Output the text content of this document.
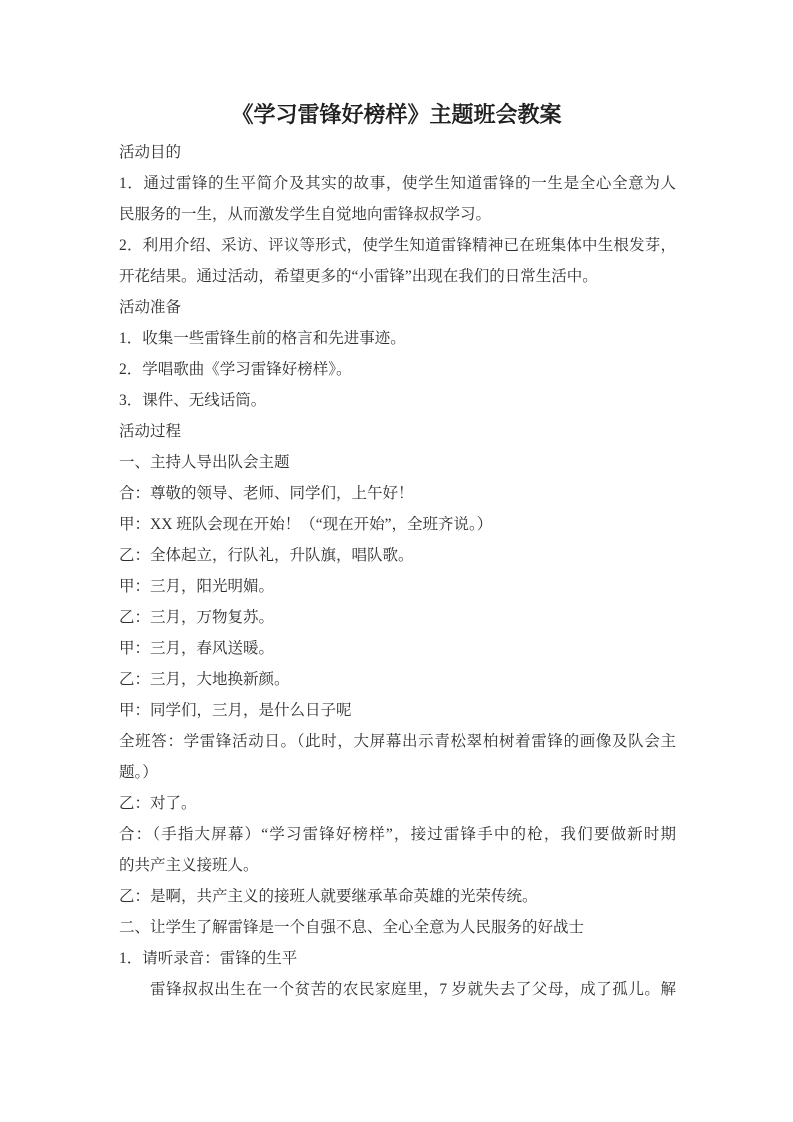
《学习雷锋好榜样》主题班会教案
活动目的
1．通过雷锋的生平简介及其实的故事，使学生知道雷锋的一生是全心全意为人
民服务的一生，从而激发学生自觉地向雷锋叔叔学习。
2．利用介绍、采访、评议等形式，使学生知道雷锋精神已在班集体中生根发芽，
开花结果。通过活动，希望更多的“小雷锋”出现在我们的日常生活中。
活动准备
1．收集一些雷锋生前的格言和先进事迹。
2．学唱歌曲《学习雷锋好榜样》。
3．课件、无线话筒。
活动过程
一、主持人导出队会主题
合：尊敬的领导、老师、同学们，上午好！
甲：XX 班队会现在开始！（“现在开始”，全班齐说。）
乙：全体起立，行队礼，升队旗，唱队歌。
甲：三月，阳光明媚。
乙：三月，万物复苏。
甲：三月，春风送暖。
乙：三月，大地换新颜。
甲：同学们，三月，是什么日子呢
全班答：学雷锋活动日。（此时，大屏幕出示青松翠柏树着雷锋的画像及队会主
题。）
乙：对了。
合：（手指大屏幕）“学习雷锋好榜样”，接过雷锋手中的枪，我们要做新时期
的共产主义接班人。
乙：是啊，共产主义的接班人就要继承革命英雄的光荣传统。
二、让学生了解雷锋是一个自强不息、全心全意为人民服务的好战士
1．请听录音：雷锋的生平
雷锋叔叔出生在一个贫苦的农民家庭里，7 岁就失去了父母，成了孤儿。解
